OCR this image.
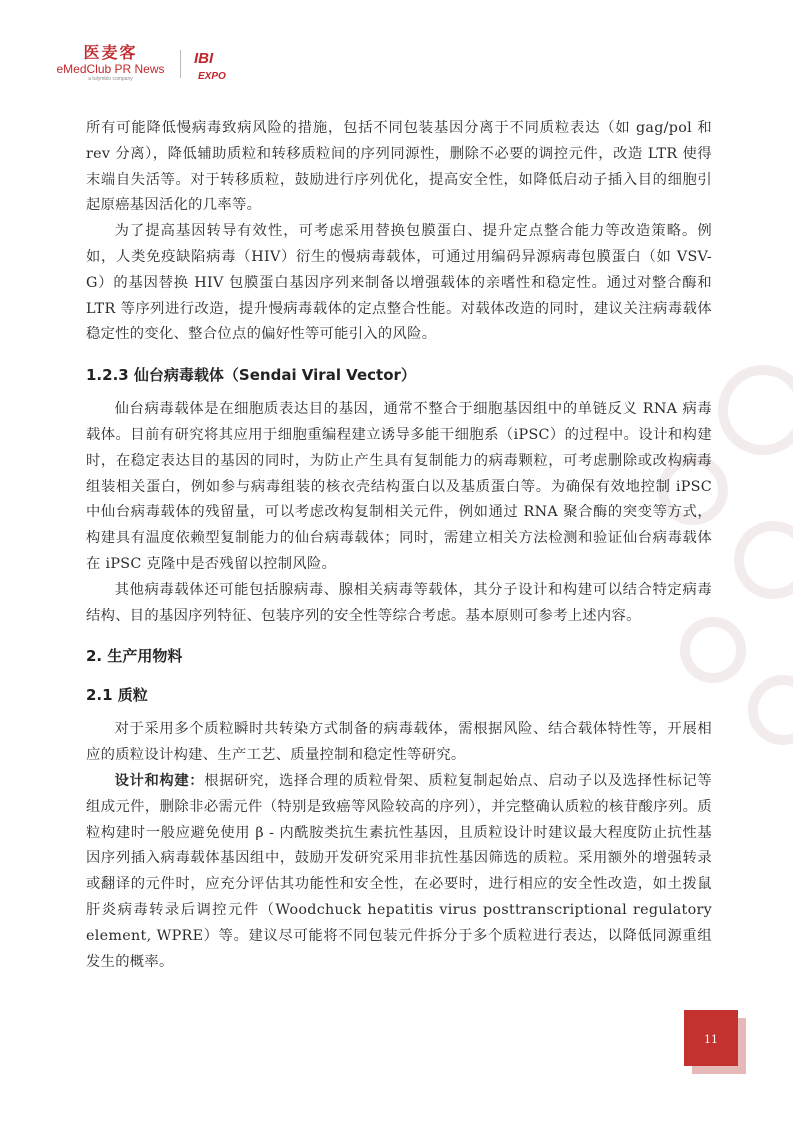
医麦客
eMedClub PR News
a tulymbio company
IBI
EXPO

所有可能降低慢病毒致病风险的措施，包括不同包装基因分离于不同质粒表达（如 gag/pol 和 rev 分离），降低辅助质粒和转移质粒间的序列同源性，删除不必要的调控元件，改造 LTR 使得末端自失活等。对于转移质粒，鼓励进行序列优化，提高安全性，如降低启动子插入目的细胞引起原癌基因活化的几率等。

为了提高基因转导有效性，可考虑采用替换包膜蛋白、提升定点整合能力等改造策略。例如，人类免疫缺陷病毒（HIV）衍生的慢病毒载体，可通过用编码异源病毒包膜蛋白（如 VSV-G）的基因替换 HIV 包膜蛋白基因序列来制备以增强载体的亲嗜性和稳定性。通过对整合酶和 LTR 等序列进行改造，提升慢病毒载体的定点整合性能。对载体改造的同时，建议关注病毒载体稳定性的变化、整合位点的偏好性等可能引入的风险。

1.2.3 仙台病毒载体（Sendai Viral Vector）

仙台病毒载体是在细胞质表达目的基因，通常不整合于细胞基因组中的单链反义 RNA 病毒载体。目前有研究将其应用于细胞重编程建立诱导多能干细胞系（iPSC）的过程中。设计和构建时，在稳定表达目的基因的同时，为防止产生具有复制能力的病毒颗粒，可考虑删除或改构病毒组装相关蛋白，例如参与病毒组装的核衣壳结构蛋白以及基质蛋白等。为确保有效地控制 iPSC 中仙台病毒载体的残留量，可以考虑改构复制相关元件，例如通过 RNA 聚合酶的突变等方式，构建具有温度依赖型复制能力的仙台病毒载体；同时，需建立相关方法检测和验证仙台病毒载体在 iPSC 克隆中是否残留以控制风险。

其他病毒载体还可能包括腺病毒、腺相关病毒等载体，其分子设计和构建可以结合特定病毒结构、目的基因序列特征、包装序列的安全性等综合考虑。基本原则可参考上述内容。

2. 生产用物料
2.1 质粒

对于采用多个质粒瞬时共转染方式制备的病毒载体，需根据风险、结合载体特性等，开展相应的质粒设计构建、生产工艺、质量控制和稳定性等研究。

设计和构建：根据研究，选择合理的质粒骨架、质粒复制起始点、启动子以及选择性标记等组成元件，删除非必需元件（特别是致癌等风险较高的序列），并完整确认质粒的核苷酸序列。质粒构建时一般应避免使用 β - 内酰胺类抗生素抗性基因，且质粒设计时建议最大程度防止抗性基因序列插入病毒载体基因组中，鼓励开发研究采用非抗性基因筛选的质粒。采用额外的增强转录或翻译的元件时，应充分评估其功能性和安全性，在必要时，进行相应的安全性改造，如土拨鼠肝炎病毒转录后调控元件（Woodchuck hepatitis virus posttranscriptional regulatory element, WPRE）等。建议尽可能将不同包装元件拆分于多个质粒进行表达，以降低同源重组发生的概率。

11
